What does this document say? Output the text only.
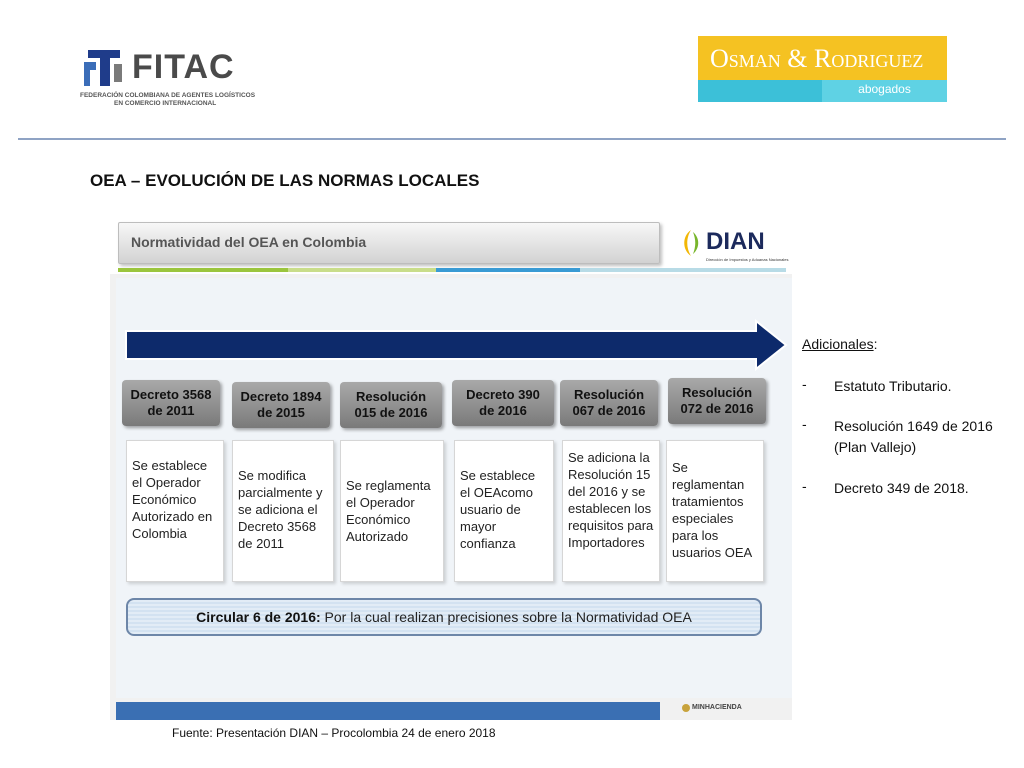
FITAC
FEDERACIÓN COLOMBIANA DE AGENTES LOGÍSTICOS
EN COMERCIO INTERNACIONAL
Osman & Rodriguez
abogados
OEA – EVOLUCIÓN DE LAS NORMAS LOCALES
Normatividad del OEA en Colombia	DIAN
Dirección de Impuestos y Aduanas Nacionales
Decreto 3568
de 2011
Decreto 1894
de 2015
Resolución
015 de 2016
Decreto 390
de 2016
Resolución
067 de 2016
Resolución
072 de 2016
Se establece el Operador Económico Autorizado en Colombia
Se modifica parcialmente y se adiciona el Decreto 3568 de 2011
Se reglamenta el Operador Económico Autorizado
Se establece el OEAcomo usuario de mayor confianza
Se adiciona la Resolución 15 del 2016 y se establecen los requisitos para Importadores
Se reglamentan tratamientos especiales para los usuarios OEA
Circular 6 de 2016: Por la cual realizan precisiones sobre la Normatividad OEA
MINHACIENDA
Adicionales:
- Estatuto Tributario.
- Resolución 1649 de 2016 (Plan Vallejo)
- Decreto 349 de 2018.
Fuente: Presentación DIAN – Procolombia 24 de enero 2018
